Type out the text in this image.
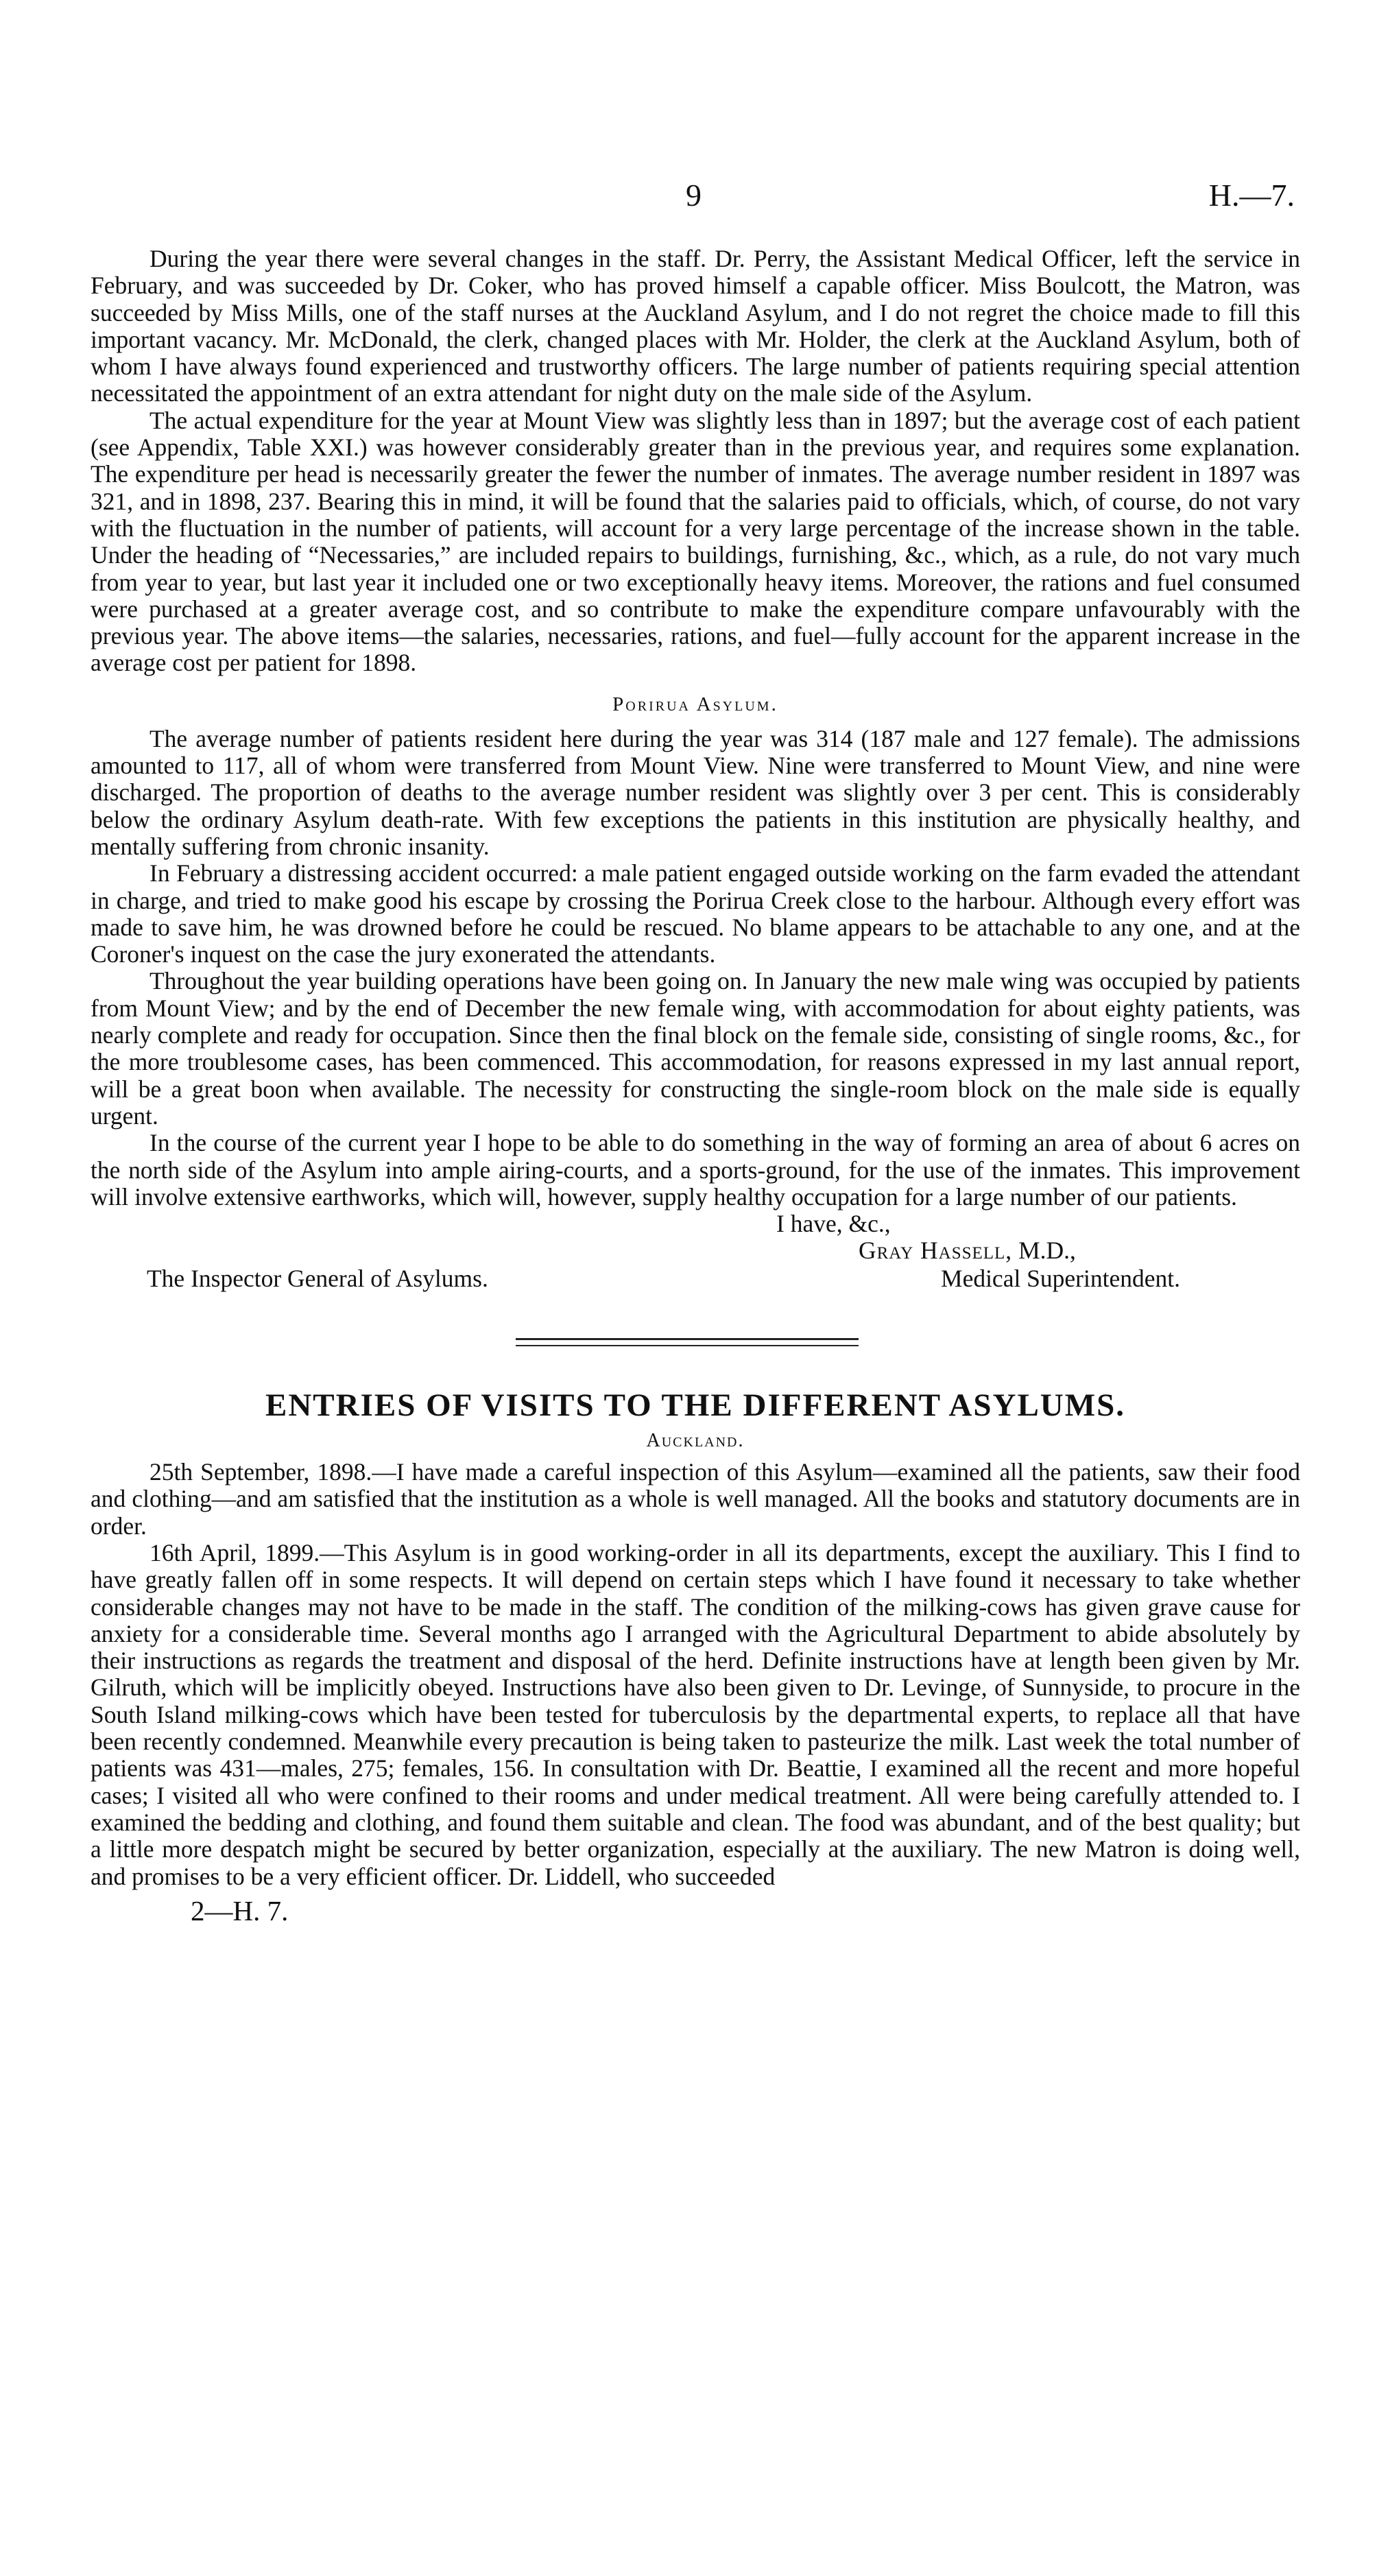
9	H.—7.

During the year there were several changes in the staff. Dr. Perry, the Assistant Medical Officer, left the service in February, and was succeeded by Dr. Coker, who has proved himself a capable officer. Miss Boulcott, the Matron, was succeeded by Miss Mills, one of the staff nurses at the Auckland Asylum, and I do not regret the choice made to fill this important vacancy. Mr. McDonald, the clerk, changed places with Mr. Holder, the clerk at the Auckland Asylum, both of whom I have always found experienced and trustworthy officers. The large number of patients requiring special attention necessitated the appointment of an extra attendant for night duty on the male side of the Asylum.

The actual expenditure for the year at Mount View was slightly less than in 1897; but the average cost of each patient (see Appendix, Table XXI.) was however considerably greater than in the previous year, and requires some explanation. The expenditure per head is necessarily greater the fewer the number of inmates. The average number resident in 1897 was 321, and in 1898, 237. Bearing this in mind, it will be found that the salaries paid to officials, which, of course, do not vary with the fluctuation in the number of patients, will account for a very large percentage of the increase shown in the table. Under the heading of “Necessaries,” are included repairs to buildings, furnishing, &c., which, as a rule, do not vary much from year to year, but last year it included one or two exceptionally heavy items. Moreover, the rations and fuel consumed were purchased at a greater average cost, and so contribute to make the expenditure compare unfavourably with the previous year. The above items—the salaries, necessaries, rations, and fuel—fully account for the apparent increase in the average cost per patient for 1898.

Porirua Asylum.

The average number of patients resident here during the year was 314 (187 male and 127 female). The admissions amounted to 117, all of whom were transferred from Mount View. Nine were transferred to Mount View, and nine were discharged. The proportion of deaths to the average number resident was slightly over 3 per cent. This is considerably below the ordinary Asylum death-rate. With few exceptions the patients in this institution are physically healthy, and mentally suffering from chronic insanity.

In February a distressing accident occurred: a male patient engaged outside working on the farm evaded the attendant in charge, and tried to make good his escape by crossing the Porirua Creek close to the harbour. Although every effort was made to save him, he was drowned before he could be rescued. No blame appears to be attachable to any one, and at the Coroner's inquest on the case the jury exonerated the attendants.

Throughout the year building operations have been going on. In January the new male wing was occupied by patients from Mount View; and by the end of December the new female wing, with accommodation for about eighty patients, was nearly complete and ready for occupation. Since then the final block on the female side, consisting of single rooms, &c., for the more troublesome cases, has been commenced. This accommodation, for reasons expressed in my last annual report, will be a great boon when available. The necessity for constructing the single-room block on the male side is equally urgent.

In the course of the current year I hope to be able to do something in the way of forming an area of about 6 acres on the north side of the Asylum into ample airing-courts, and a sports-ground, for the use of the inmates. This improvement will involve extensive earthworks, which will, however, supply healthy occupation for a large number of our patients.

I have, &c.,
Gray Hassell, M.D.,
The Inspector General of Asylums.	Medical Superintendent.
ENTRIES OF VISITS TO THE DIFFERENT ASYLUMS.
Auckland.

25th September, 1898.—I have made a careful inspection of this Asylum—examined all the patients, saw their food and clothing—and am satisfied that the institution as a whole is well managed. All the books and statutory documents are in order.

16th April, 1899.—This Asylum is in good working-order in all its departments, except the auxiliary. This I find to have greatly fallen off in some respects. It will depend on certain steps which I have found it necessary to take whether considerable changes may not have to be made in the staff. The condition of the milking-cows has given grave cause for anxiety for a considerable time. Several months ago I arranged with the Agricultural Department to abide absolutely by their instructions as regards the treatment and disposal of the herd. Definite instructions have at length been given by Mr. Gilruth, which will be implicitly obeyed. Instructions have also been given to Dr. Levinge, of Sunnyside, to procure in the South Island milking-cows which have been tested for tuberculosis by the departmental experts, to replace all that have been recently condemned. Meanwhile every precaution is being taken to pasteurize the milk. Last week the total number of patients was 431—males, 275; females, 156. In consultation with Dr. Beattie, I examined all the recent and more hopeful cases; I visited all who were confined to their rooms and under medical treatment. All were being carefully attended to. I examined the bedding and clothing, and found them suitable and clean. The food was abundant, and of the best quality; but a little more despatch might be secured by better organization, especially at the auxiliary. The new Matron is doing well, and promises to be a very efficient officer. Dr. Liddell, who succeeded

2—H. 7.
